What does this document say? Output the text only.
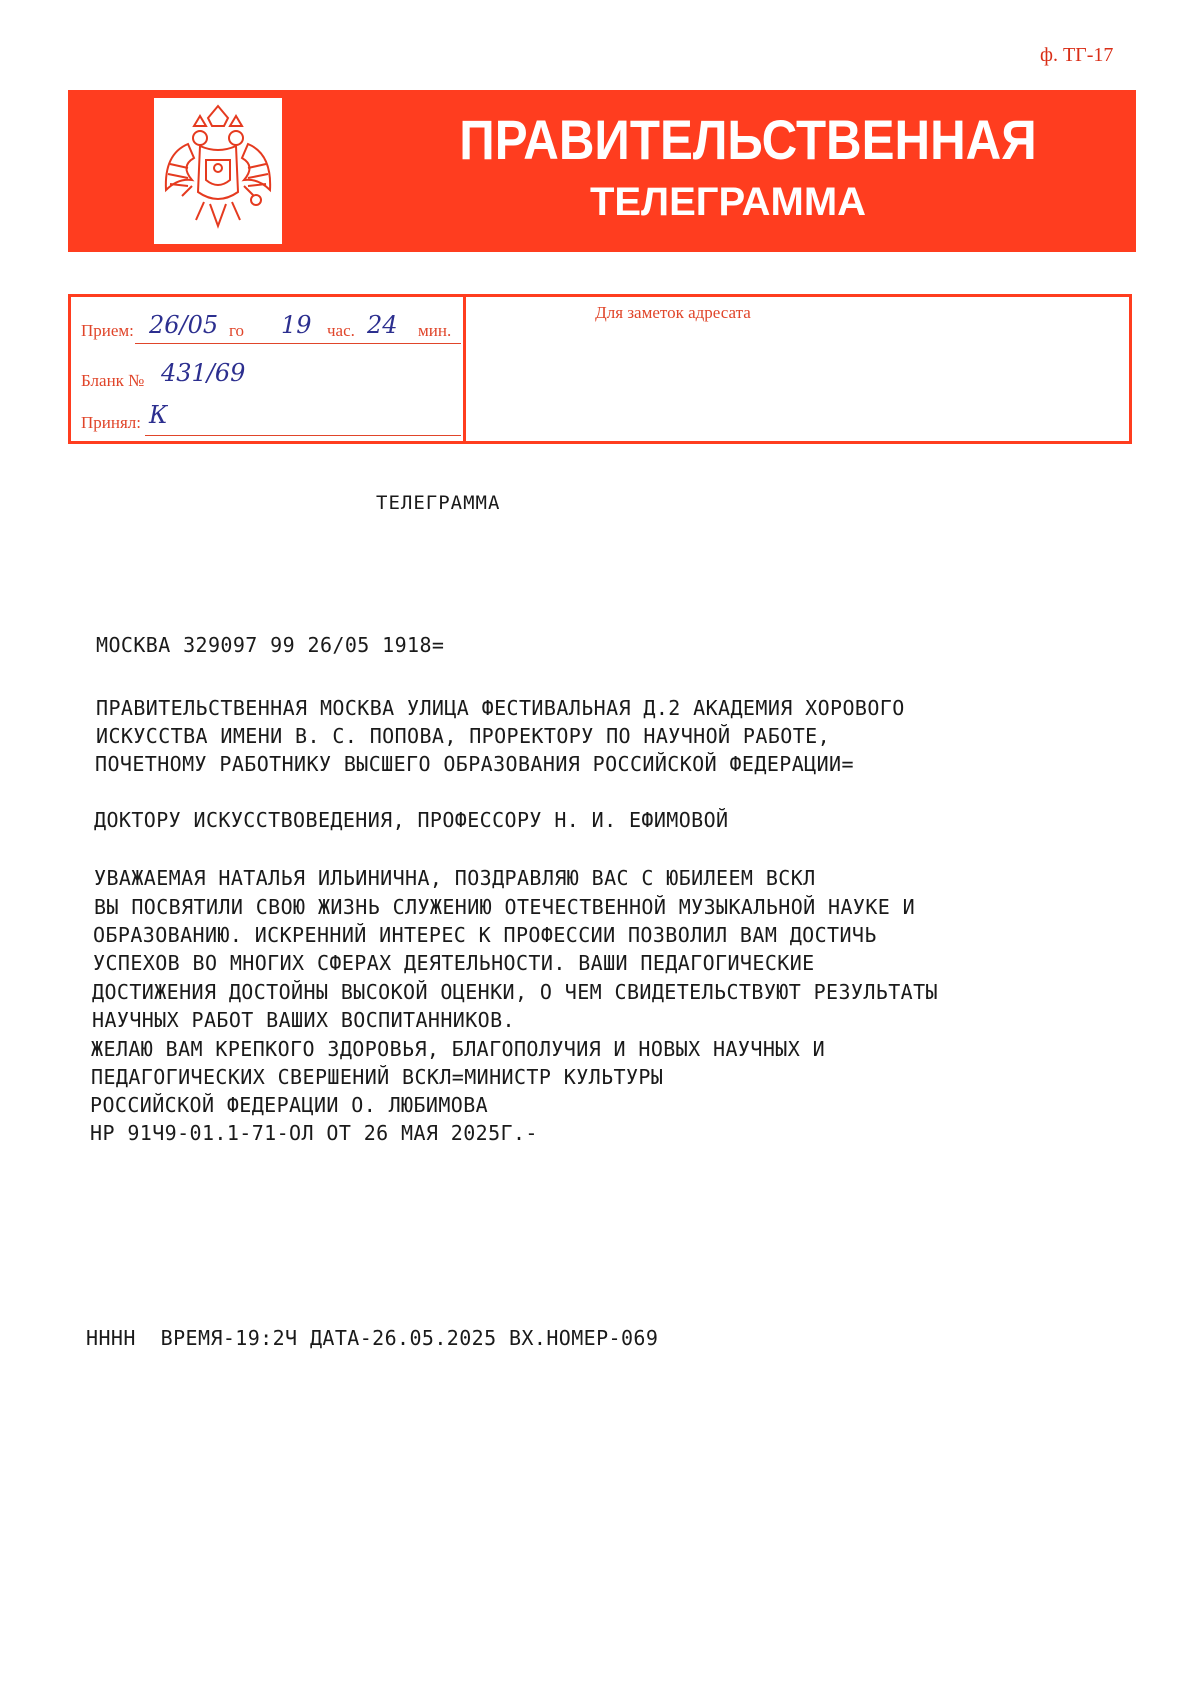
ф. ТГ-17
ПРАВИТЕЛЬСТВЕННАЯ
ТЕЛЕГРАММА
Прием: 26/05 го 19 час. 24 мин.
Бланк № 431/69
Принял: К
Для заметок адресата
ТЕЛЕГРАММА
МОСКВА 329097 99 26/05 1918=
ПРАВИТЕЛЬСТВЕННАЯ МОСКВА УЛИЦА ФЕСТИВАЛЬНАЯ Д.2 АКАДЕМИЯ ХОРОВОГО
ИСКУССТВА ИМЕНИ В. С. ПОПОВА, ПРОРЕКТОРУ ПО НАУЧНОЙ РАБОТЕ,
ПОЧЕТНОМУ РАБОТНИКУ ВЫСШЕГО ОБРАЗОВАНИЯ РОССИЙСКОЙ ФЕДЕРАЦИИ=
ДОКТОРУ ИСКУССТВОВЕДЕНИЯ, ПРОФЕССОРУ Н. И. ЕФИМОВОЙ
УВАЖАЕМАЯ НАТАЛЬЯ ИЛЬИНИЧНА, ПОЗДРАВЛЯЮ ВАС С ЮБИЛЕЕМ ВСКЛ
ВЫ ПОСВЯТИЛИ СВОЮ ЖИЗНЬ СЛУЖЕНИЮ ОТЕЧЕСТВЕННОЙ МУЗЫКАЛЬНОЙ НАУКЕ И
ОБРАЗОВАНИЮ. ИСКРЕННИЙ ИНТЕРЕС К ПРОФЕССИИ ПОЗВОЛИЛ ВАМ ДОСТИЧЬ
УСПЕХОВ ВО МНОГИХ СФЕРАХ ДЕЯТЕЛЬНОСТИ. ВАШИ ПЕДАГОГИЧЕСКИЕ
ДОСТИЖЕНИЯ ДОСТОЙНЫ ВЫСОКОЙ ОЦЕНКИ, О ЧЕМ СВИДЕТЕЛЬСТВУЮТ РЕЗУЛЬТАТЫ
НАУЧНЫХ РАБОТ ВАШИХ ВОСПИТАННИКОВ.
ЖЕЛАЮ ВАМ КРЕПКОГО ЗДОРОВЬЯ, БЛАГОПОЛУЧИЯ И НОВЫХ НАУЧНЫХ И
ПЕДАГОГИЧЕСКИХ СВЕРШЕНИЙ ВСКЛ=МИНИСТР КУЛЬТУРЫ
РОССИЙСКОЙ ФЕДЕРАЦИИ О. ЛЮБИМОВА
НР 91Ч9-01.1-71-ОЛ ОТ 26 МАЯ 2025Г.-
НННН  ВРЕМЯ-19:2Ч ДАТА-26.05.2025 ВХ.НОМЕР-069
